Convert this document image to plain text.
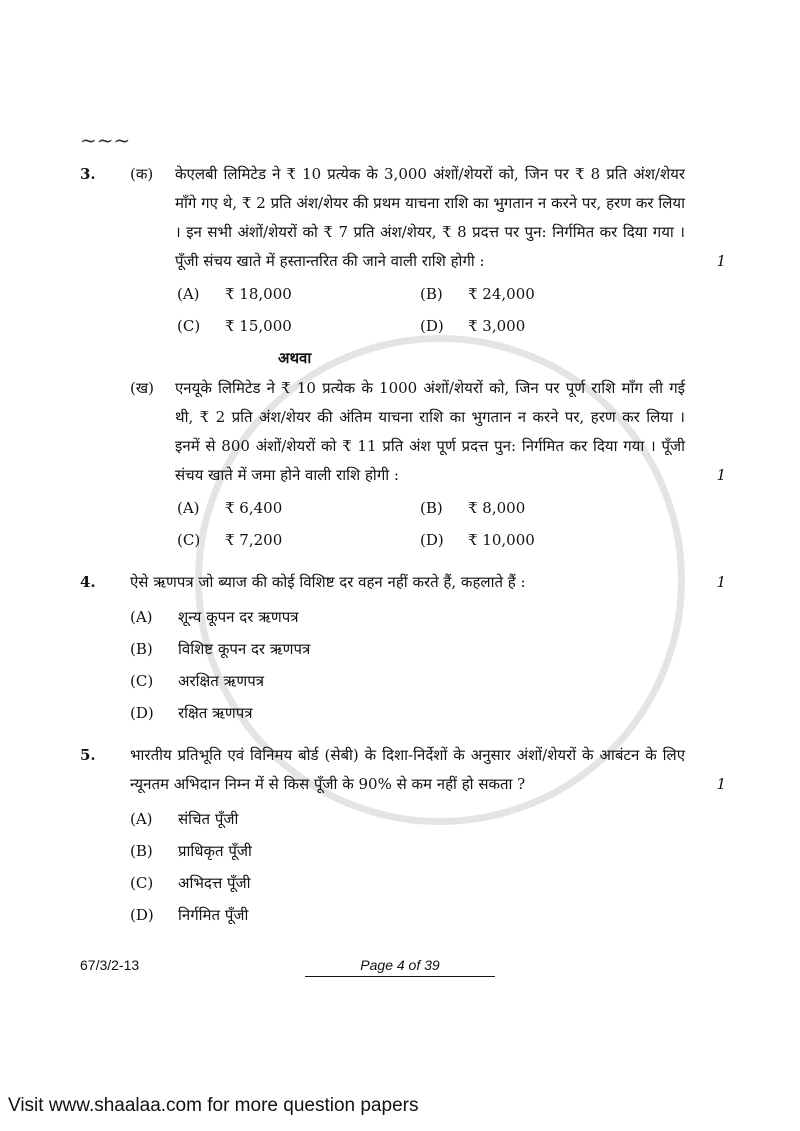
~~~
3.	(क)	केएलबी लिमिटेड ने ₹ 10 प्रत्येक के 3,000 अंशों/शेयरों को, जिन पर ₹ 8 प्रति अंश/शेयर माँगे गए थे, ₹ 2 प्रति अंश/शेयर की प्रथम याचना राशि का भुगतान न करने पर, हरण कर लिया । इन सभी अंशों/शेयरों को ₹ 7 प्रति अंश/शेयर, ₹ 8 प्रदत्त पर पुन: निर्गमित कर दिया गया । पूँजी संचय खाते में हस्तान्तरित की जाने वाली राशि होगी :	1
(A) ₹ 18,000	(B) ₹ 24,000
(C) ₹ 15,000	(D) ₹ 3,000
अथवा
(ख)	एनयूके लिमिटेड ने ₹ 10 प्रत्येक के 1000 अंशों/शेयरों को, जिन पर पूर्ण राशि माँग ली गई थी, ₹ 2 प्रति अंश/शेयर की अंतिम याचना राशि का भुगतान न करने पर, हरण कर लिया । इनमें से 800 अंशों/शेयरों को ₹ 11 प्रति अंश पूर्ण प्रदत्त पुन: निर्गमित कर दिया गया । पूँजी संचय खाते में जमा होने वाली राशि होगी :	1
(A) ₹ 6,400	(B) ₹ 8,000
(C) ₹ 7,200	(D) ₹ 10,000
4.	ऐसे ऋणपत्र जो ब्याज की कोई विशिष्ट दर वहन नहीं करते हैं, कहलाते हैं :	1
(A) शून्य कूपन दर ऋणपत्र
(B) विशिष्ट कूपन दर ऋणपत्र
(C) अरक्षित ऋणपत्र
(D) रक्षित ऋणपत्र
5.	भारतीय प्रतिभूति एवं विनिमय बोर्ड (सेबी) के दिशा-निर्देशों के अनुसार अंशों/शेयरों के आबंटन के लिए न्यूनतम अभिदान निम्न में से किस पूँजी के 90% से कम नहीं हो सकता ?	1
(A) संचित पूँजी
(B) प्राधिकृत पूँजी
(C) अभिदत्त पूँजी
(D) निर्गमित पूँजी
67/3/2-13	Page 4 of 39
Visit www.shaalaa.com for more question papers
